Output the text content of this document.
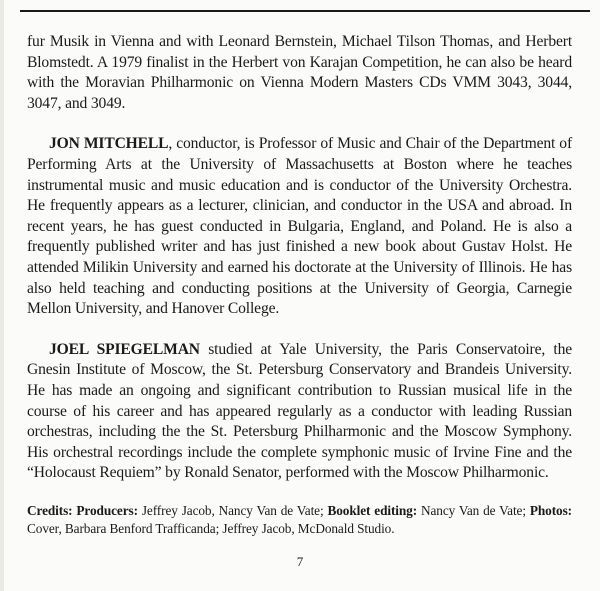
fur Musik in Vienna and with Leonard Bernstein, Michael Tilson Thomas, and Herbert Blomstedt. A 1979 finalist in the Herbert von Karajan Competition, he can also be heard with the Moravian Philharmonic on Vienna Modern Masters CDs VMM 3043, 3044, 3047, and 3049.

JON MITCHELL, conductor, is Professor of Music and Chair of the Department of Performing Arts at the University of Massachusetts at Boston where he teaches instrumental music and music education and is conductor of the University Orchestra. He frequently appears as a lecturer, clinician, and conductor in the USA and abroad. In recent years, he has guest conducted in Bulgaria, England, and Poland. He is also a frequently published writer and has just finished a new book about Gustav Holst. He attended Milikin University and earned his doctorate at the University of Illinois. He has also held teaching and conducting positions at the University of Georgia, Carnegie Mellon University, and Hanover College.

JOEL SPIEGELMAN studied at Yale University, the Paris Conservatoire, the Gnesin Institute of Moscow, the St. Petersburg Conservatory and Brandeis University. He has made an ongoing and significant contribution to Russian musical life in the course of his career and has appeared regularly as a conductor with leading Russian orchestras, including the the St. Petersburg Philharmonic and the Moscow Symphony. His orchestral recordings include the complete symphonic music of Irvine Fine and the “Holocaust Requiem” by Ronald Senator, performed with the Moscow Philharmonic.

Credits: Producers: Jeffrey Jacob, Nancy Van de Vate; Booklet editing: Nancy Van de Vate; Photos: Cover, Barbara Benford Trafficanda; Jeffrey Jacob, McDonald Studio.

7
